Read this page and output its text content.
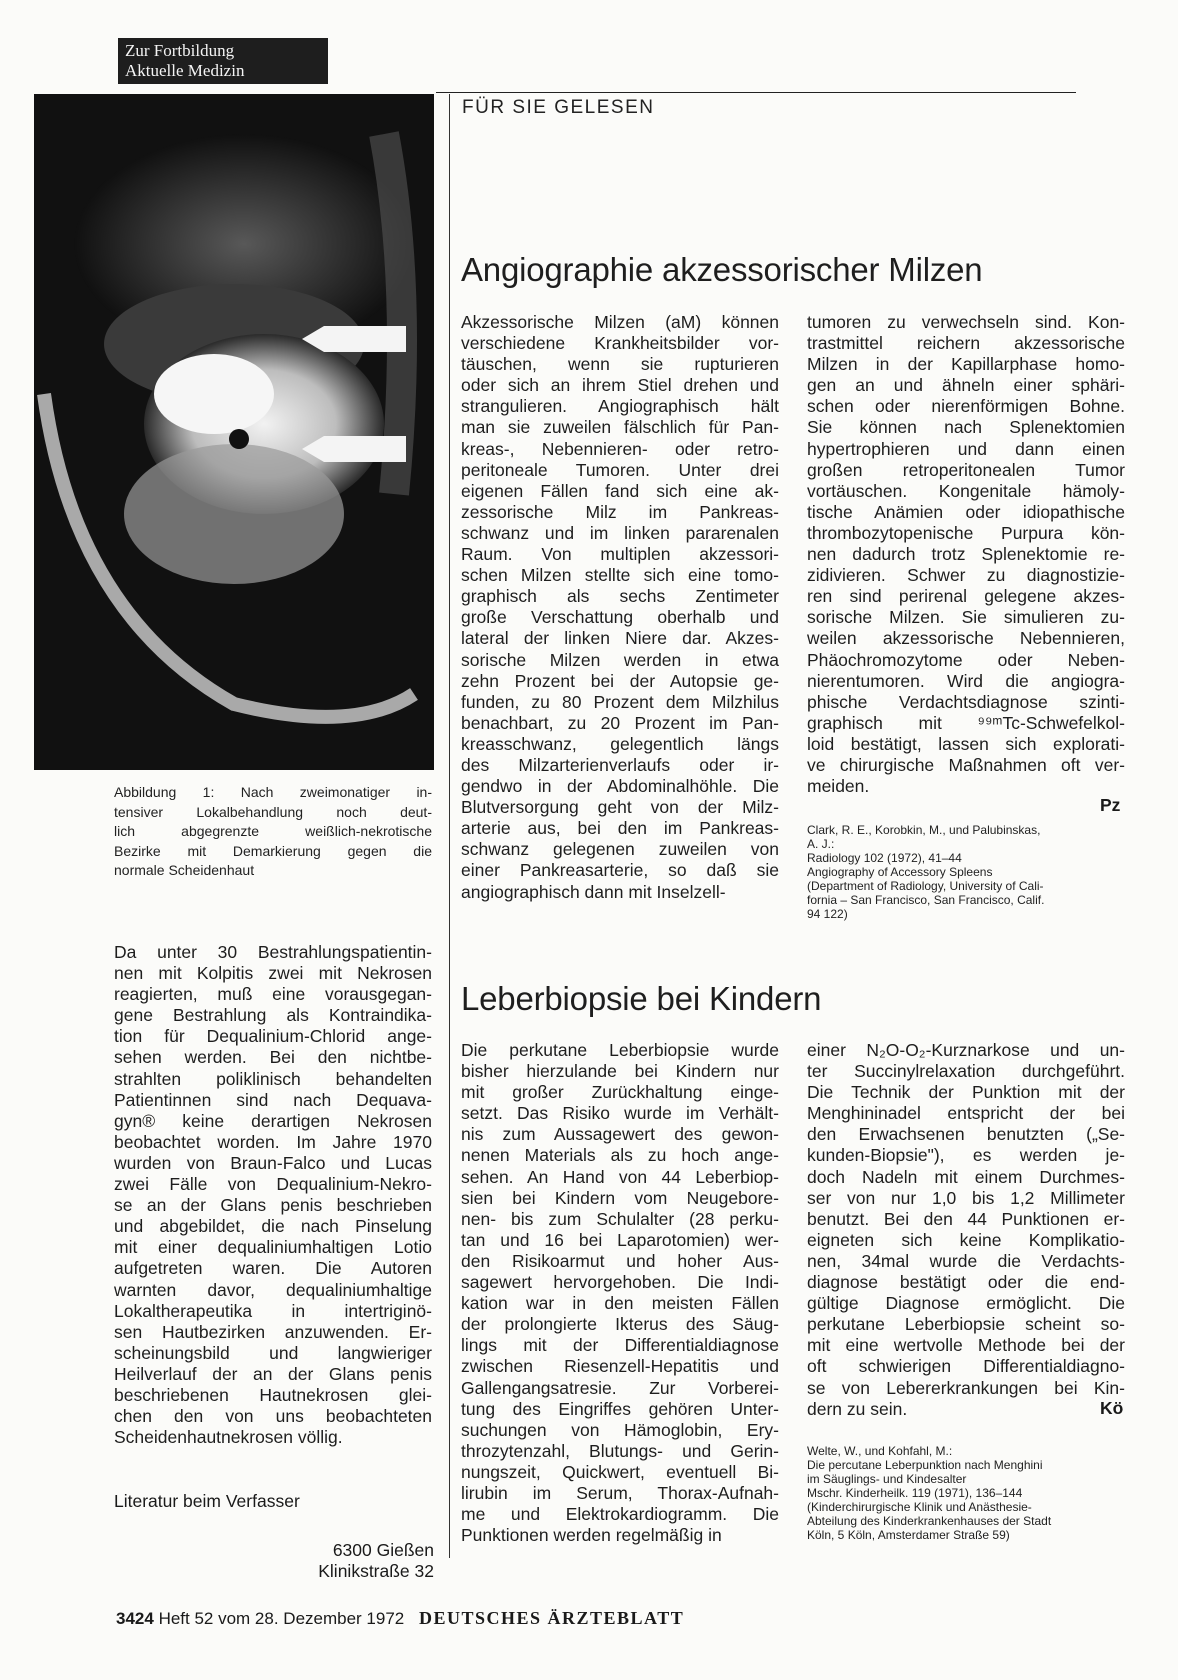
Zur Fortbildung
Aktuelle Medizin
FÜR SIE GELESEN
Abbildung 1: Nach zweimonatiger in-
tensiver Lokalbehandlung noch deut-
lich abgegrenzte weißlich-nekrotische
Bezirke mit Demarkierung gegen die
normale Scheidenhaut
Da unter 30 Bestrahlungspatientin-
nen mit Kolpitis zwei mit Nekrosen
reagierten, muß eine vorausgegan-
gene Bestrahlung als Kontraindika-
tion für Dequalinium-Chlorid ange-
sehen werden. Bei den nichtbe-
strahlten poliklinisch behandelten
Patientinnen sind nach Dequava-
gyn® keine derartigen Nekrosen
beobachtet worden. Im Jahre 1970
wurden von Braun-Falco und Lucas
zwei Fälle von Dequalinium-Nekro-
se an der Glans penis beschrieben
und abgebildet, die nach Pinselung
mit einer dequaliniumhaltigen Lotio
aufgetreten waren. Die Autoren
warnten davor, dequaliniumhaltige
Lokaltherapeutika in intertriginö-
sen Hautbezirken anzuwenden. Er-
scheinungsbild und langwieriger
Heilverlauf der an der Glans penis
beschriebenen Hautnekrosen glei-
chen den von uns beobachteten
Scheidenhautnekrosen völlig.
Literatur beim Verfasser
6300 Gießen
Klinikstraße 32
Angiographie akzessorischer Milzen
Akzessorische Milzen (aM) können
verschiedene Krankheitsbilder vor-
täuschen, wenn sie rupturieren
oder sich an ihrem Stiel drehen und
strangulieren. Angiographisch hält
man sie zuweilen fälschlich für Pan-
kreas-, Nebennieren- oder retro-
peritoneale Tumoren. Unter drei
eigenen Fällen fand sich eine ak-
zessorische Milz im Pankreas-
schwanz und im linken pararenalen
Raum. Von multiplen akzessori-
schen Milzen stellte sich eine tomo-
graphisch als sechs Zentimeter
große Verschattung oberhalb und
lateral der linken Niere dar. Akzes-
sorische Milzen werden in etwa
zehn Prozent bei der Autopsie ge-
funden, zu 80 Prozent dem Milzhilus
benachbart, zu 20 Prozent im Pan-
kreasschwanz, gelegentlich längs
des Milzarterienverlaufs oder ir-
gendwo in der Abdominalhöhle. Die
Blutversorgung geht von der Milz-
arterie aus, bei den im Pankreas-
schwanz gelegenen zuweilen von
einer Pankreasarterie, so daß sie
angiographisch dann mit Inselzell-
tumoren zu verwechseln sind. Kon-
trastmittel reichern akzessorische
Milzen in der Kapillarphase homo-
gen an und ähneln einer sphäri-
schen oder nierenförmigen Bohne.
Sie können nach Splenektomien
hypertrophieren und dann einen
großen retroperitonealen Tumor
vortäuschen. Kongenitale hämoly-
tische Anämien oder idiopathische
thrombozytopenische Purpura kön-
nen dadurch trotz Splenektomie re-
zidivieren. Schwer zu diagnostizie-
ren sind perirenal gelegene akzes-
sorische Milzen. Sie simulieren zu-
weilen akzessorische Nebennieren,
Phäochromozytome oder Neben-
nierentumoren. Wird die angiogra-
phische Verdachtsdiagnose szinti-
graphisch mit ⁹⁹ᵐTc-Schwefelkol-
loid bestätigt, lassen sich explorati-
ve chirurgische Maßnahmen oft ver-
meiden.
Pz
Clark, R. E., Korobkin, M., und Palubinskas,
A. J.:
Radiology 102 (1972), 41–44
Angiography of Accessory Spleens
(Department of Radiology, University of Cali-
fornia – San Francisco, San Francisco, Calif.
94 122)
Leberbiopsie bei Kindern
Die perkutane Leberbiopsie wurde
bisher hierzulande bei Kindern nur
mit großer Zurückhaltung einge-
setzt. Das Risiko wurde im Verhält-
nis zum Aussagewert des gewon-
nenen Materials als zu hoch ange-
sehen. An Hand von 44 Leberbiop-
sien bei Kindern vom Neugebore-
nen- bis zum Schulalter (28 perku-
tan und 16 bei Laparotomien) wer-
den Risikoarmut und hoher Aus-
sagewert hervorgehoben. Die Indi-
kation war in den meisten Fällen
der prolongierte Ikterus des Säug-
lings mit der Differentialdiagnose
zwischen Riesenzell-Hepatitis und
Gallengangsatresie. Zur Vorberei-
tung des Eingriffes gehören Unter-
suchungen von Hämoglobin, Ery-
throzytenzahl, Blutungs- und Gerin-
nungszeit, Quickwert, eventuell Bi-
lirubin im Serum, Thorax-Aufnah-
me und Elektrokardiogramm. Die
Punktionen werden regelmäßig in
einer N₂O-O₂-Kurznarkose und un-
ter Succinylrelaxation durchgeführt.
Die Technik der Punktion mit der
Menghininadel entspricht der bei
den Erwachsenen benutzten („Se-
kunden-Biopsie"), es werden je-
doch Nadeln mit einem Durchmes-
ser von nur 1,0 bis 1,2 Millimeter
benutzt. Bei den 44 Punktionen er-
eigneten sich keine Komplikatio-
nen, 34mal wurde die Verdachts-
diagnose bestätigt oder die end-
gültige Diagnose ermöglicht. Die
perkutane Leberbiopsie scheint so-
mit eine wertvolle Methode bei der
oft schwierigen Differentialdiagno-
se von Lebererkrankungen bei Kin-
dern zu sein.	Kö
Welte, W., und Kohfahl, M.:
Die percutane Leberpunktion nach Menghini
im Säuglings- und Kindesalter
Mschr. Kinderheilk. 119 (1971), 136–144
(Kinderchirurgische Klinik und Anästhesie-
Abteilung des Kinderkrankenhauses der Stadt
Köln, 5 Köln, Amsterdamer Straße 59)
3424 Heft 52 vom 28. Dezember 1972 DEUTSCHES ÄRZTEBLATT
